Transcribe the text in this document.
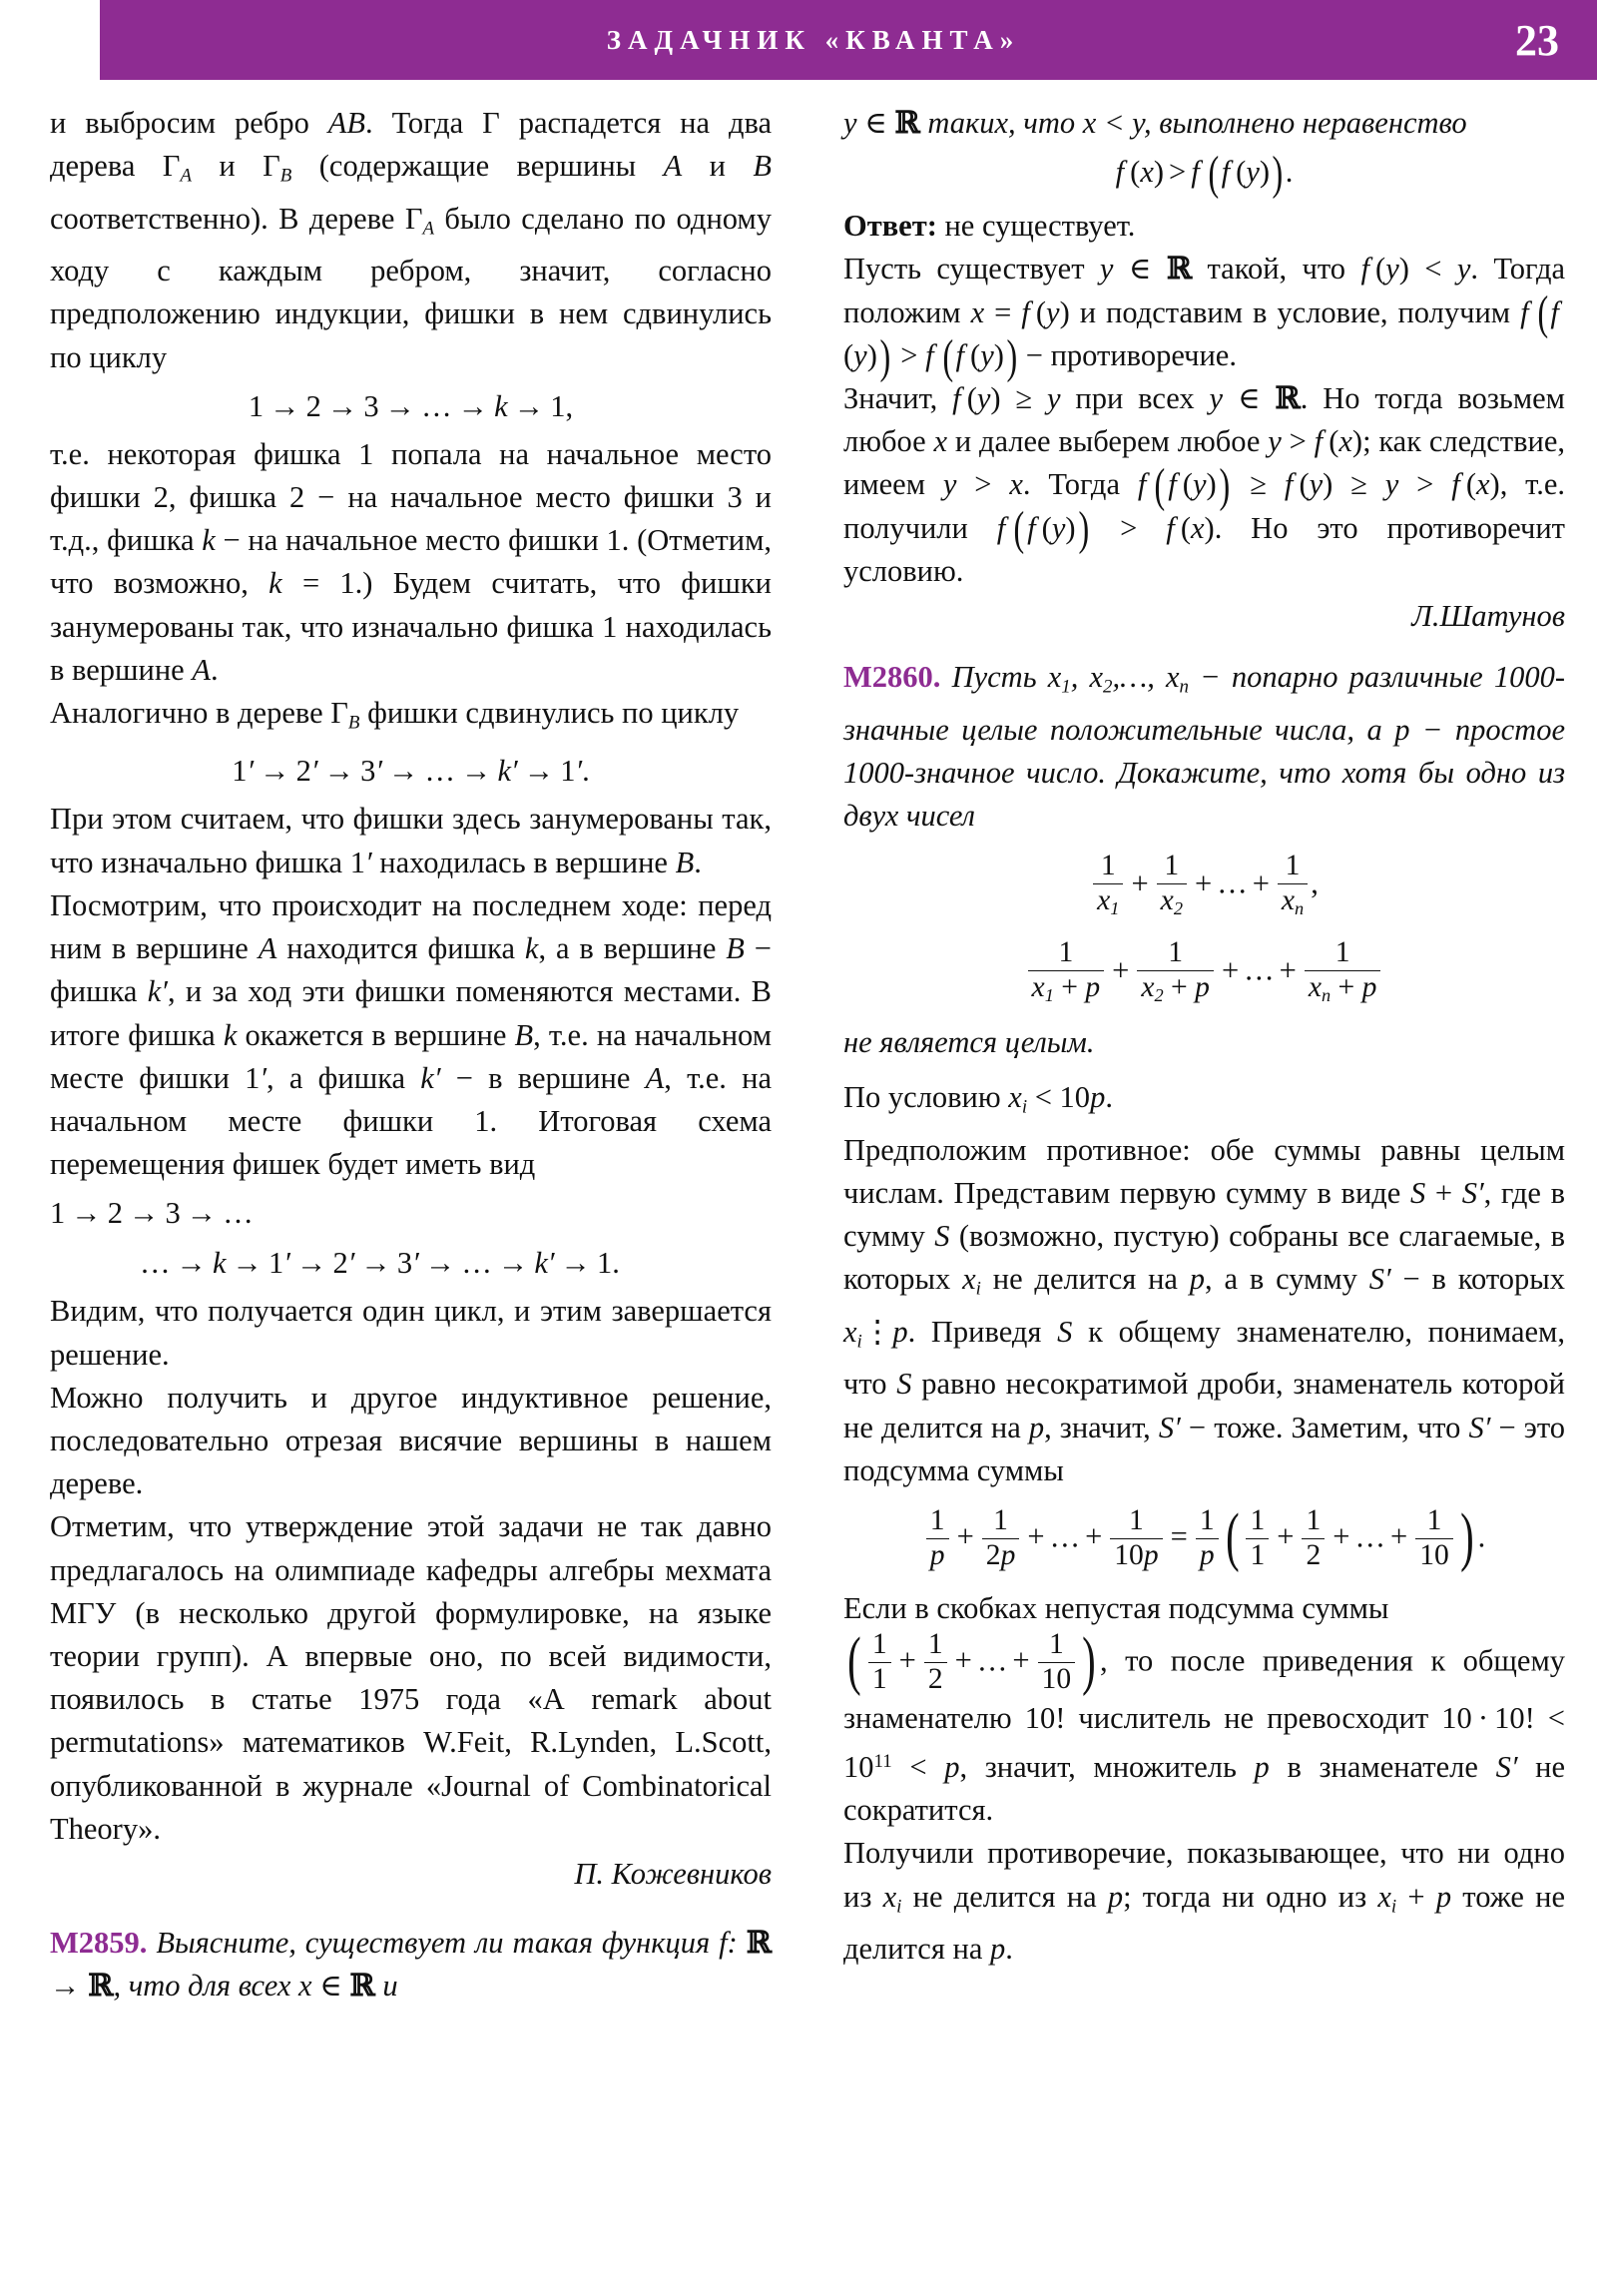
ЗАДАЧНИК «КВАНТА»	23

и выбросим ребро AB. Тогда Γ распадется на два дерева $\Gamma_A$ и $\Gamma_B$ (содержащие вершины A и B соответственно). В дереве $\Gamma_A$ было сделано по одному ходу с каждым ребром, значит, согласно предположению индукции, фишки в нем сдвинулись по циклу

1 → 2 → 3 → … → k → 1,

т.е. некоторая фишка 1 попала на начальное место фишки 2, фишка 2 − на начальное место фишки 3 и т.д., фишка k − на начальное место фишки 1. (Отметим, что возможно, k = 1.) Будем считать, что фишки занумерованы так, что изначально фишка 1 находилась в вершине A.

Аналогично в дереве $\Gamma_B$ фишки сдвинулись по циклу

1′ → 2′ → 3′ → … → k′ → 1′.

При этом считаем, что фишки здесь занумерованы так, что изначально фишка 1′ находилась в вершине B.

Посмотрим, что происходит на последнем ходе: перед ним в вершине A находится фишка k, а в вершине B − фишка k′, и за ход эти фишки поменяются местами. В итоге фишка k окажется в вершине B, т.е. на начальном месте фишки 1′, а фишка k′ − в вершине A, т.е. на начальном месте фишки 1. Итоговая схема перемещения фишек будет иметь вид

1 → 2 → 3 → …
… → k → 1′ → 2′ → 3′ → … → k′ → 1.

Видим, что получается один цикл, и этим завершается решение.

Можно получить и другое индуктивное решение, последовательно отрезая висячие вершины в нашем дереве.

Отметим, что утверждение этой задачи не так давно предлагалось на олимпиаде кафедры алгебры мехмата МГУ (в несколько другой формулировке, на языке теории групп). А впервые оно, по всей видимости, появилось в статье 1975 года «A remark about permutations» математиков W.Feit, R.Lynden, L.Scott, опубликованной в журнале «Journal of Combinatorical Theory».

П. Кожевников

M2859. Выясните, существует ли такая функция f: ℝ → ℝ, что для всех x ∈ ℝ и

y ∈ ℝ таких, что x < y, выполнено неравенство

f (x) > f  (f (y)).

Ответ: не существует.

Пусть существует y ∈ ℝ такой, что f (y) < y. Тогда положим x = f (y) и подставим в условие, получим f  (f (y)) > f  (f (y)) − противоречие.

Значит, f (y) ≥ y при всех y ∈ ℝ. Но тогда возьмем любое x и далее выберем любое y > f (x); как следствие, имеем y > x. Тогда f  (f (y)) ≥ f (y) ≥ y > f (x), т.е. получили f  (f (y)) > f (x). Но это противоречит условию.

Л.Шатунов

M2860. Пусть $x_1$, $x_2,\dots$, $x_n$ − попарно различные 1000-значные целые положительные числа, а p − простое 1000-значное число. Докажите, что хотя бы одно из двух чисел

$\frac{1}{x_1} + \frac{1}{x_2}$ + … + $\frac{1}{x_n}$ ,
$\frac{1}{x_1 + p} + \frac{1}{x_2 + p}$ + … + $\frac{1}{x_n + p}$

не является целым.

По условию $x_i < 10p$.

Предположим противное: обе суммы равны целым числам. Представим первую сумму в виде S + S′, где в сумму S (возможно, пустую) собраны все слагаемые, в которых $x_i$ не делится на p, а в сумму S′ − в которых $x_i⋮p$. Приведя S к общему знаменателю, понимаем, что S равно несократимой дроби, знаменатель которой не делится на p, значит, S′ − тоже. Заметим, что S′ − это подсумма суммы

$\frac{1}{p} + \frac{1}{2p}$ + … + $\frac{1}{10p} = \frac{1}{p}$ ( $\frac{1}{1} + \frac{1}{2}$ + … + $\frac{1}{10}$ ) .

Если в скобках непустая подсумма суммы

( $\frac{1}{1} + \frac{1}{2}$ + … + $\frac{1}{10}$ ) , то после приведения к общему знаменателю 10! числитель не превосходит 10 · 10! < $10^{11} < p$, значит, множитель p в знаменателе S′ не сократится.

Получили противоречие, показывающее, что ни одно из $x_i$ не делится на p; тогда ни одно из $x_i + p$ тоже не делится на p.
